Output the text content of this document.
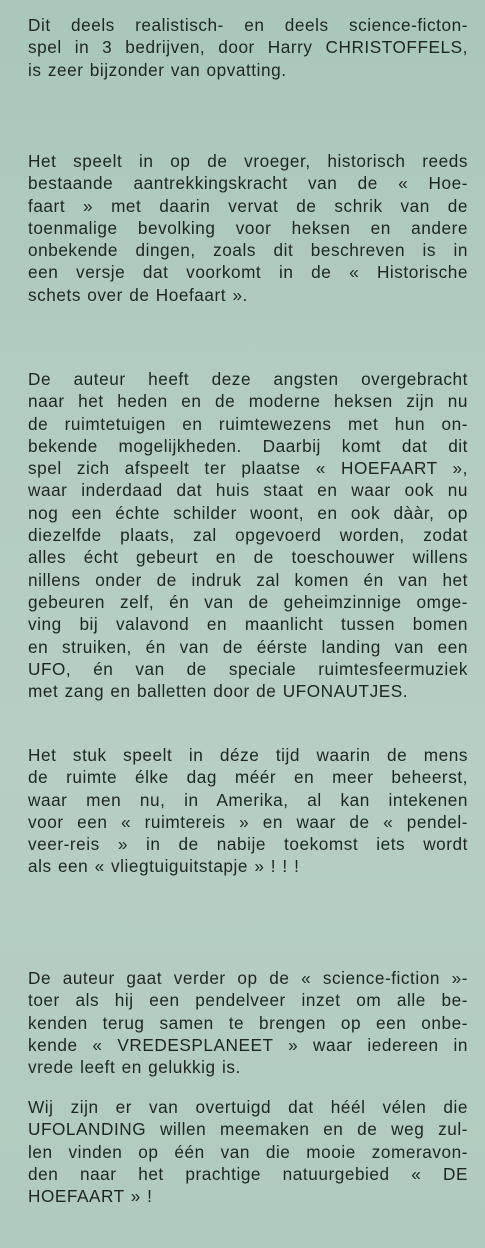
Dit deels realistisch- en deels science-ficton-
spel in 3 bedrijven, door Harry CHRISTOFFELS,
is zeer bijzonder van opvatting.
Het speelt in op de vroeger, historisch reeds
bestaande aantrekkingskracht van de « Hoe-
faart » met daarin vervat de schrik van de
toenmalige bevolking voor heksen en andere
onbekende dingen, zoals dit beschreven is in
een versje dat voorkomt in de « Historische
schets over de Hoefaart ».
De auteur heeft deze angsten overgebracht
naar het heden en de moderne heksen zijn nu
de ruimtetuigen en ruimtewezens met hun on-
bekende mogelijkheden. Daarbij komt dat dit
spel zich afspeelt ter plaatse « HOEFAART »,
waar inderdaad dat huis staat en waar ook nu
nog een échte schilder woont, en ook dààr, op
diezelfde plaats, zal opgevoerd worden, zodat
alles écht gebeurt en de toeschouwer willens
nillens onder de indruk zal komen én van het
gebeuren zelf, én van de geheimzinnige omge-
ving bij valavond en maanlicht tussen bomen
en struiken, én van de éérste landing van een
UFO, én van de speciale ruimtesfeermuziek
met zang en balletten door de UFONAUTJES.
Het stuk speelt in déze tijd waarin de mens
de ruimte élke dag méér en meer beheerst,
waar men nu, in Amerika, al kan intekenen
voor een « ruimtereis » en waar de « pendel-
veer-reis » in de nabije toekomst iets wordt
als een « vliegtuiguitstapje » ! ! !
De auteur gaat verder op de « science-fiction »-
toer als hij een pendelveer inzet om alle be-
kenden terug samen te brengen op een onbe-
kende « VREDESPLANEET » waar iedereen in
vrede leeft en gelukkig is.
Wij zijn er van overtuigd dat héél vélen die
UFOLANDING willen meemaken en de weg zul-
len vinden op één van die mooie zomeravon-
den naar het prachtige natuurgebied « DE
HOEFAART » !
